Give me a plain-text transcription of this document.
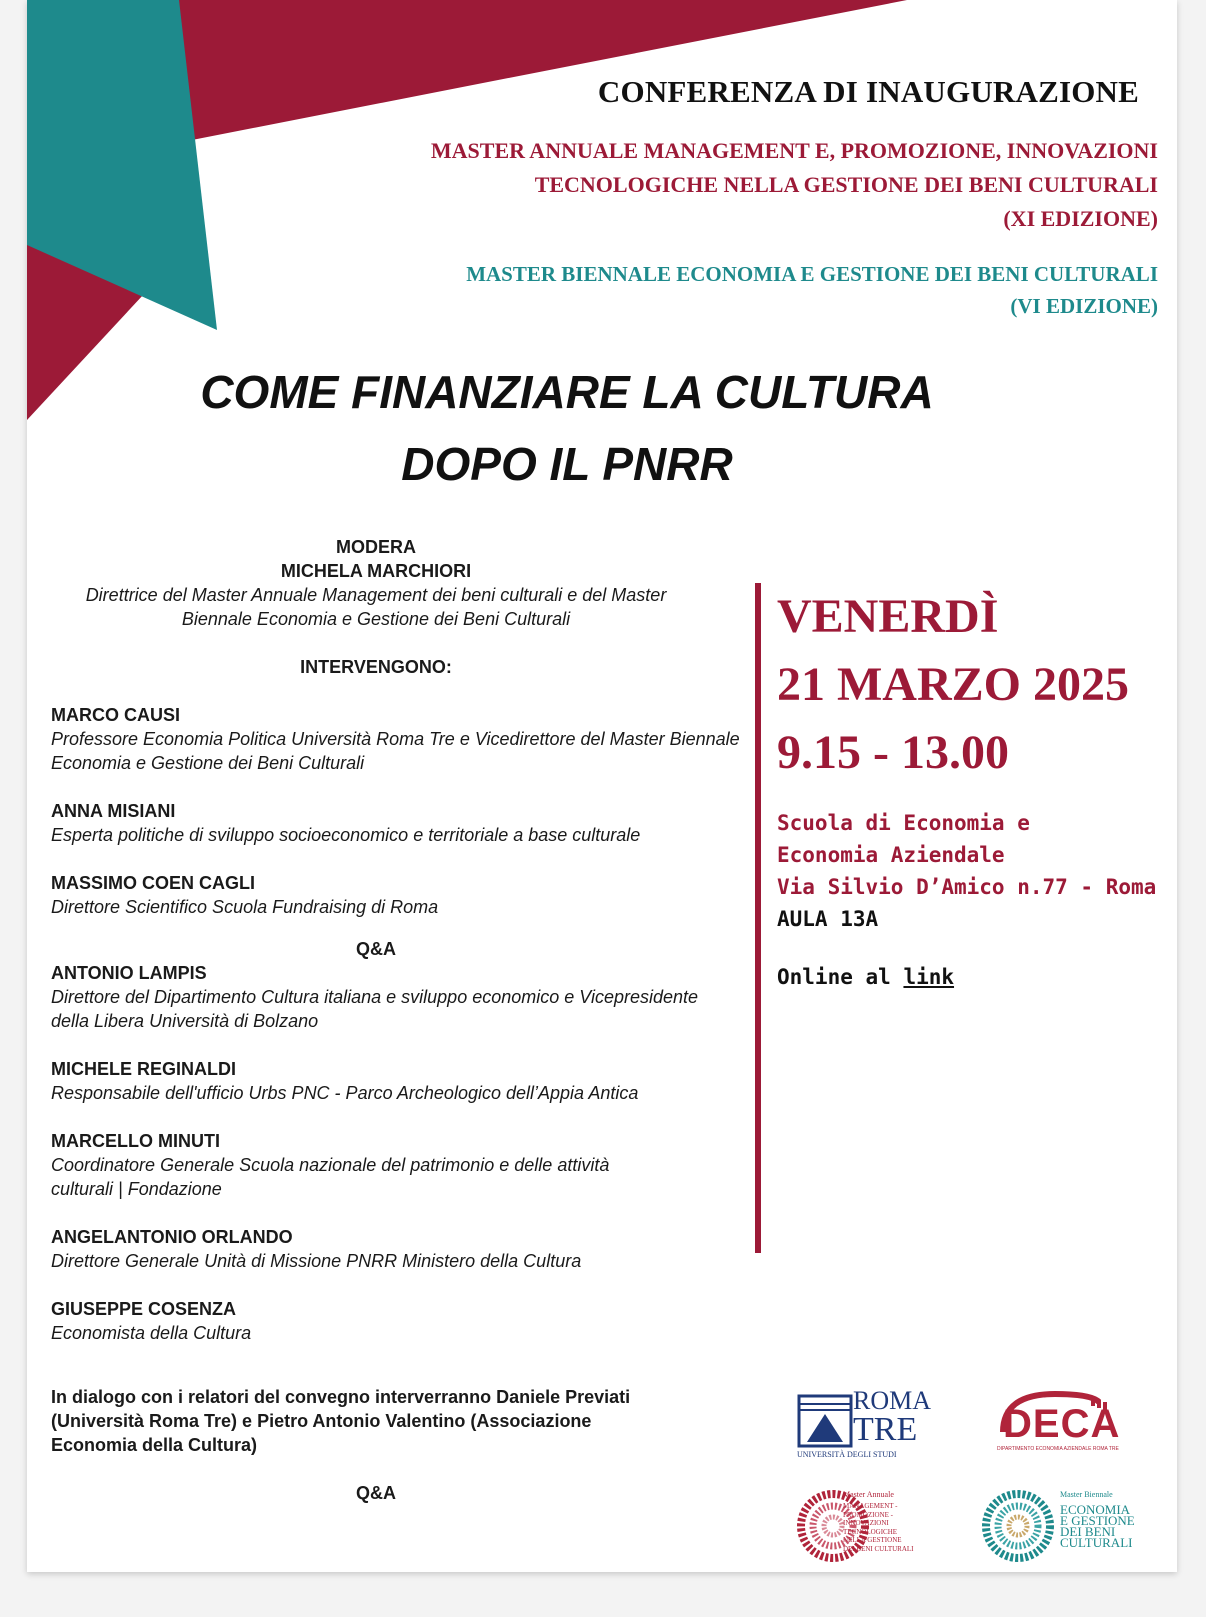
CONFERENZA DI INAUGURAZIONE
MASTER ANNUALE MANAGEMENT E, PROMOZIONE, INNOVAZIONI
TECNOLOGICHE NELLA GESTIONE DEI BENI CULTURALI
(XI EDIZIONE)
MASTER BIENNALE ECONOMIA E GESTIONE DEI BENI CULTURALI
(VI EDIZIONE)
COME FINANZIARE LA CULTURA
DOPO IL PNRR
MODERA
MICHELA MARCHIORI
Direttrice del Master Annuale Management dei beni culturali e del Master Biennale Economia e Gestione dei Beni Culturali
INTERVENGONO:
MARCO CAUSI
Professore Economia Politica Università Roma Tre e Vicedirettore del Master Biennale Economia e Gestione dei Beni Culturali
ANNA MISIANI
Esperta politiche di sviluppo socioeconomico e territoriale a base culturale
MASSIMO COEN CAGLI
Direttore Scientifico Scuola Fundraising di Roma
Q&A
ANTONIO LAMPIS
Direttore del Dipartimento Cultura italiana e sviluppo economico e Vicepresidente della Libera Università di Bolzano
MICHELE REGINALDI
Responsabile dell'ufficio Urbs PNC - Parco Archeologico dell’Appia Antica
MARCELLO MINUTI
Coordinatore Generale Scuola nazionale del patrimonio e delle attività culturali | Fondazione
ANGELANTONIO ORLANDO
Direttore Generale Unità di Missione PNRR Ministero della Cultura
GIUSEPPE COSENZA
Economista della Cultura
In dialogo con i relatori del convegno interverranno Daniele Previati (Università Roma Tre) e Pietro Antonio Valentino (Associazione Economia della Cultura)
Q&A
VENERDÌ
21 MARZO 2025
9.15 - 13.00
Scuola di Economia e
Economia Aziendale
Via Silvio D’Amico n.77 - Roma
AULA 13A
Online al link
ROMA
TRE
UNIVERSITÀ DEGLI STUDI
DECA
DIPARTIMENTO ECONOMIA AZIENDALE ROMA TRE
Master Annuale
MANAGEMENT -
PROMOZIONE -
INNOVAZIONI
TECNOLOGICHE
NELLA GESTIONE
DEI BENI CULTURALI
Master Biennale
ECONOMIA
E GESTIONE
DEI BENI
CULTURALI
